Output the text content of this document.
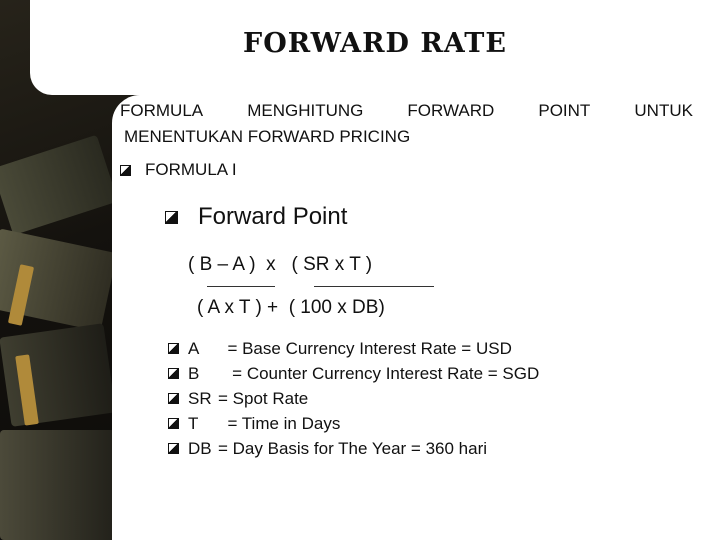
FORWARD RATE
FORMULA	MENGHITUNG	FORWARD	POINT	UNTUK
MENENTUKAN FORWARD PRICING
FORMULA I
Forward Point
( B – A )  x   ( SR x T )
( A x T ) +  ( 100 x DB)
A	= Base Currency Interest Rate = USD
B	= Counter Currency Interest Rate = SGD
SR = Spot Rate
T	= Time in Days
DB = Day Basis for The Year = 360 hari
